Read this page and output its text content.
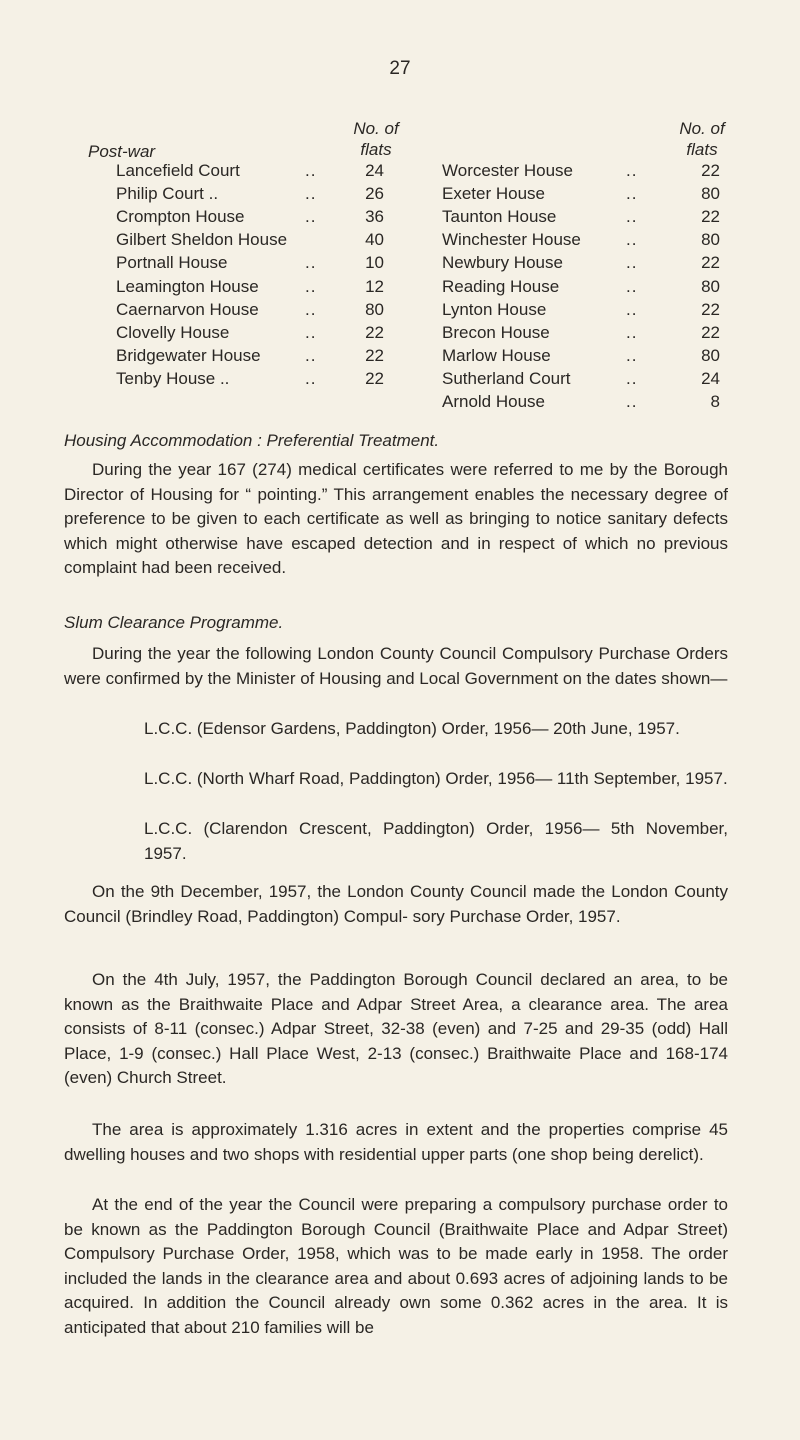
27
Post-war
No. of
flats
No. of
flats
Lancefield Court	..	24
Philip Court ..	..	26
Crompton House	..	36
Gilbert Sheldon House	40
Portnall House	..	10
Leamington House	..	12
Caernarvon House	..	80
Clovelly House	..	22
Bridgewater House	..	22
Tenby House ..	..	22
Worcester House	..	22
Exeter House	..	80
Taunton House	..	22
Winchester House	..	80
Newbury House	..	22
Reading House	..	80
Lynton House	..	22
Brecon House	..	22
Marlow House	..	80
Sutherland Court	..	24
Arnold House	..	8
Housing Accommodation : Preferential Treatment.

During the year 167 (274) medical certificates were referred to me by the Borough Director of Housing for “ pointing.” This arrangement enables the necessary degree of preference to be given to each certificate as well as bringing to notice sanitary defects which might otherwise have escaped detection and in respect of which no previous complaint had been received.

Slum Clearance Programme.

During the year the following London County Council Compulsory Purchase Orders were confirmed by the Minister of Housing and Local Government on the dates shown—

L.C.C. (Edensor Gardens, Paddington) Order, 1956— 20th June, 1957.

L.C.C. (North Wharf Road, Paddington) Order, 1956— 11th September, 1957.

L.C.C. (Clarendon Crescent, Paddington) Order, 1956— 5th November, 1957.

On the 9th December, 1957, the London County Council made the London County Council (Brindley Road, Paddington) Compul- sory Purchase Order, 1957.

On the 4th July, 1957, the Paddington Borough Council declared an area, to be known as the Braithwaite Place and Adpar Street Area, a clearance area. The area consists of 8-11 (consec.) Adpar Street, 32-38 (even) and 7-25 and 29-35 (odd) Hall Place, 1-9 (consec.) Hall Place West, 2-13 (consec.) Braithwaite Place and 168-174 (even) Church Street.

The area is approximately 1.316 acres in extent and the properties comprise 45 dwelling houses and two shops with residential upper parts (one shop being derelict).

At the end of the year the Council were preparing a compulsory purchase order to be known as the Paddington Borough Council (Braithwaite Place and Adpar Street) Compulsory Purchase Order, 1958, which was to be made early in 1958. The order included the lands in the clearance area and about 0.693 acres of adjoining lands to be acquired. In addition the Council already own some 0.362 acres in the area. It is anticipated that about 210 families will be
